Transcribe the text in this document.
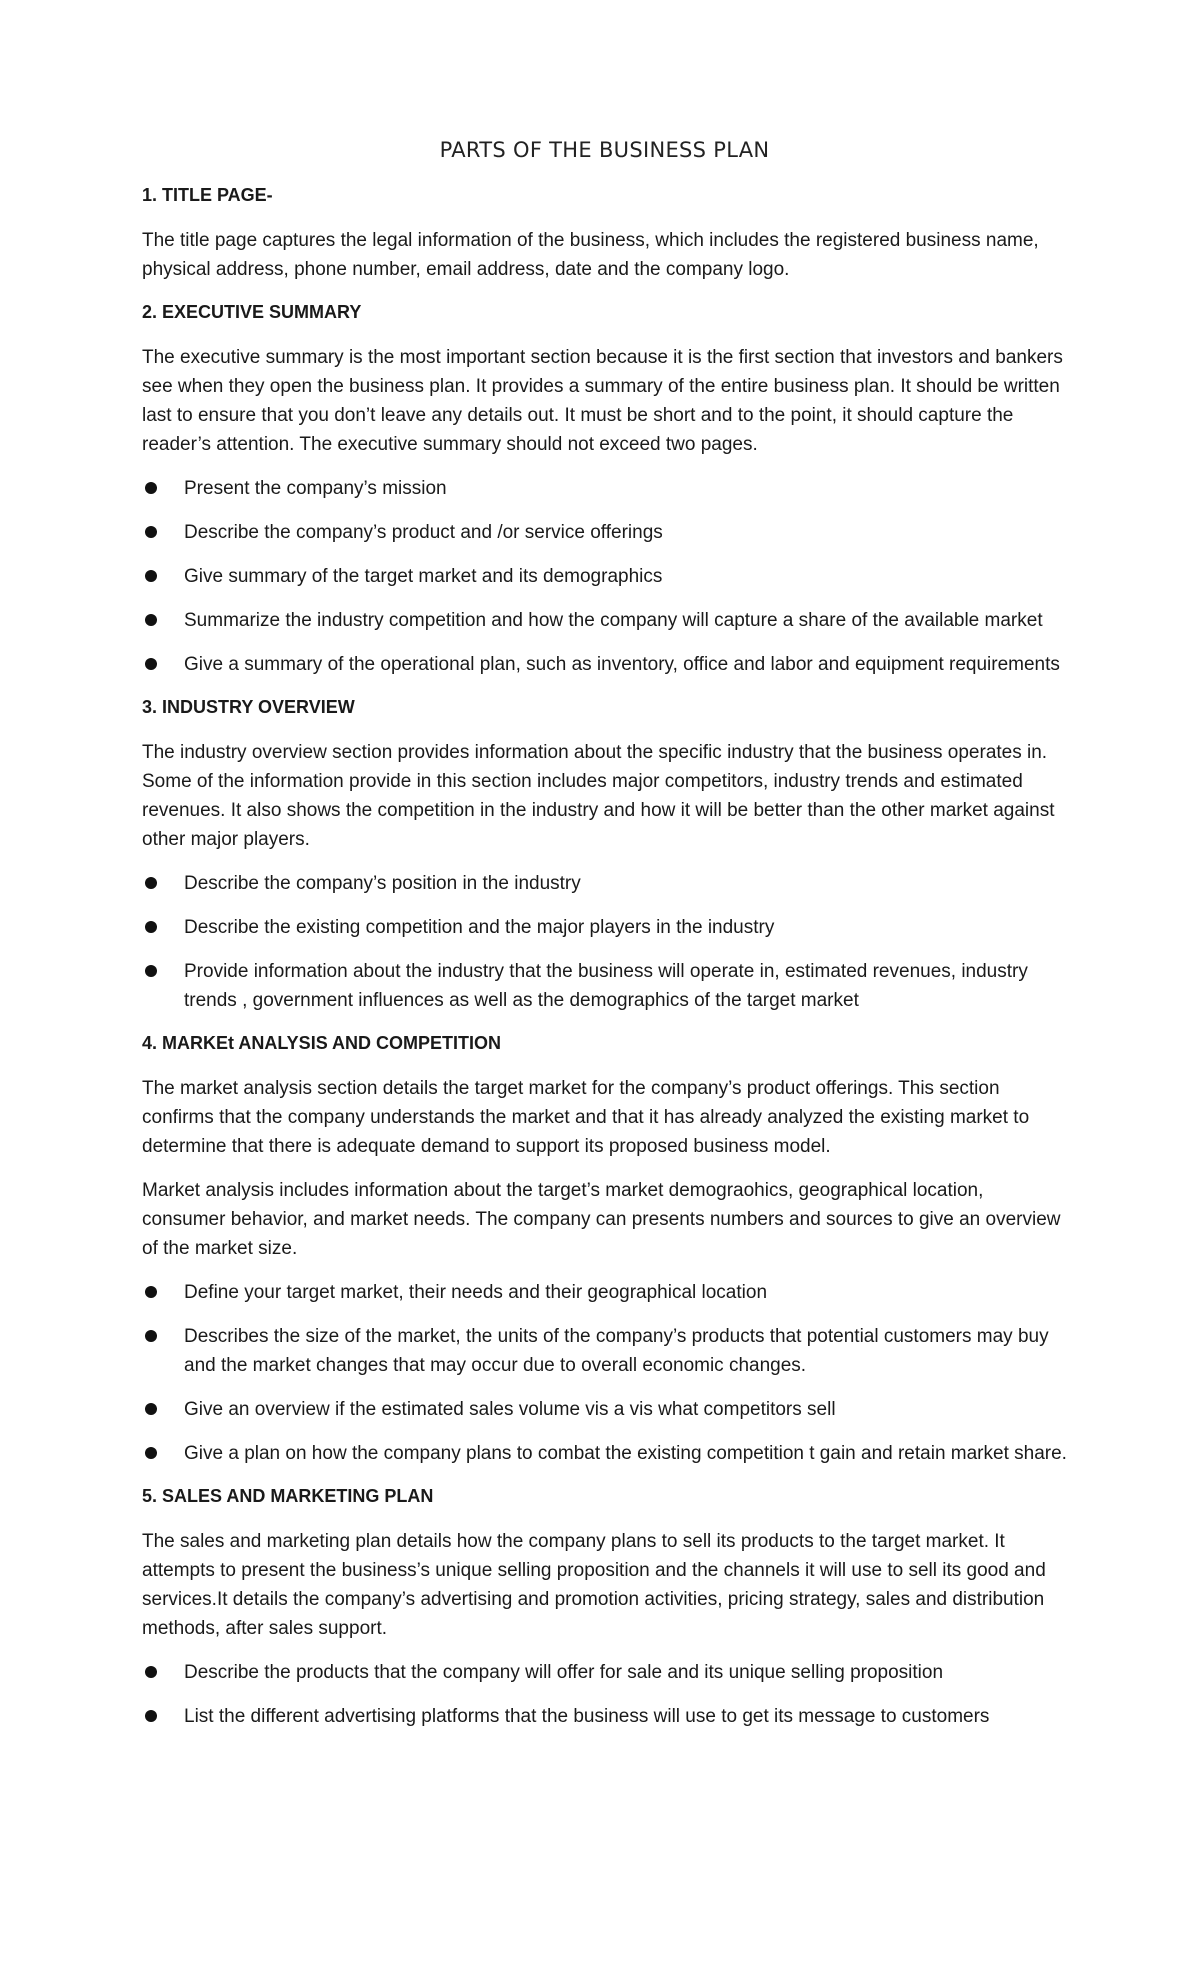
PARTS OF THE BUSINESS PLAN
1. TITLE PAGE-

The title page captures the legal information of the business, which includes the registered business name, physical address, phone number, email address, date and the company logo.

2. EXECUTIVE SUMMARY

The executive summary is the most important section because it is the first section that investors and bankers see when they open the business plan. It provides a summary of the entire business plan. It should be written last to ensure that you don’t leave any details out. It must be short and to the point, it should capture the reader’s attention. The executive summary should not exceed two pages.

Present the company’s mission
Describe the company’s product and /or service offerings
Give summary of the target market and its demographics
Summarize the industry competition and how the company will capture a share of the available market
Give a summary of the operational plan, such as inventory, office and labor and equipment requirements
3. INDUSTRY OVERVIEW

The industry overview section provides information about the specific industry that the business operates in. Some of the information provide in this section includes major competitors, industry trends and estimated revenues. It also shows the competition in the industry and how it will be better than the other market against other major players.

Describe the company’s position in the industry
Describe the existing competition and the major players in the industry
Provide information about the industry that the business will operate in, estimated revenues, industry trends , government influences as well as the demographics of the target market
4. MARKEt ANALYSIS AND COMPETITION

The market analysis section details the target market for the company’s product offerings. This section confirms that the company understands the market and that it has already analyzed the existing market to determine that there is adequate demand to support its proposed business model.

Market analysis includes information about the target’s market demograohics, geographical location, consumer behavior, and market needs. The company can presents numbers and sources to give an overview of the market size.

Define your target market, their needs and their geographical location
Describes the size of the market, the units of the company’s products that potential customers may buy and the market changes that may occur due to overall economic changes.
Give an overview if the estimated sales volume vis a vis what competitors sell
Give a plan on how the company plans to combat the existing competition t gain and retain market share.
5. SALES AND MARKETING PLAN

The sales and marketing plan details how the company plans to sell its products to the target market. It attempts to present the business’s unique selling proposition and the channels it will use to sell its good and services.It details the company’s advertising and promotion activities, pricing strategy, sales and distribution methods, after sales support.

Describe the products that the company will offer for sale and its unique selling proposition
List the different advertising platforms that the business will use to get its message to customers
